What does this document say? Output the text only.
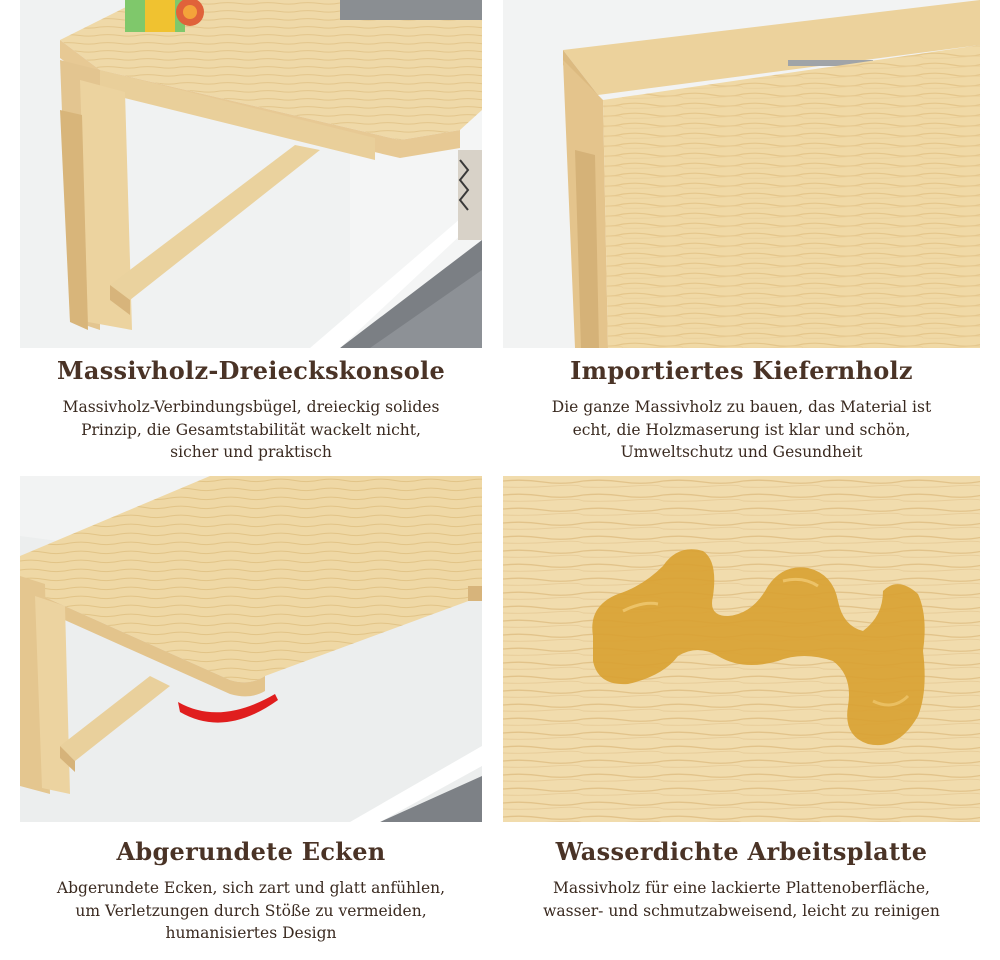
Massivholz-Dreieckskonsole
Massivholz-Verbindungsbügel, dreieckig solides
Prinzip, die Gesamtstabilität wackelt nicht,
sicher und praktisch
Importiertes Kiefernholz
Die ganze Massivholz zu bauen, das Material ist
echt, die Holzmaserung ist klar und schön,
Umweltschutz und Gesundheit
Abgerundete Ecken
Abgerundete Ecken, sich zart und glatt anfühlen,
um Verletzungen durch Stöße zu vermeiden,
humanisiertes Design
Wasserdichte Arbeitsplatte
Massivholz für eine lackierte Plattenoberfläche,
wasser- und schmutzabweisend, leicht zu reinigen
